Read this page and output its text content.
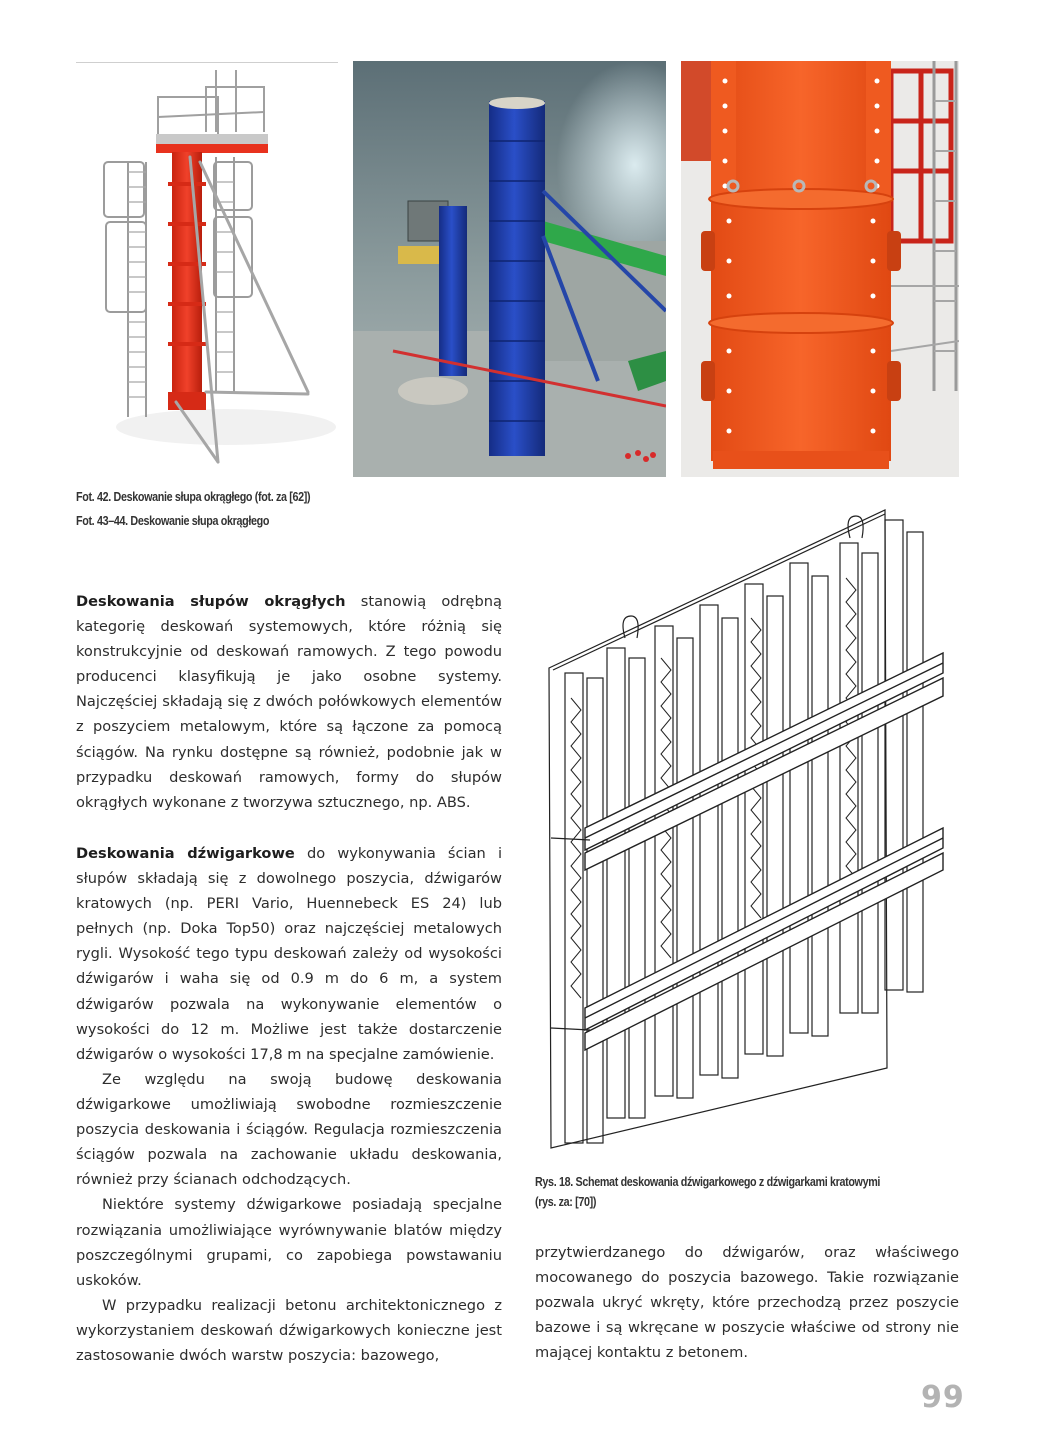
Fot. 42. Deskowanie słupa okrągłego (fot. za [62])
Fot. 43–44. Deskowanie słupa okrągłego

Deskowania słupów okrągłych stanowią odrębną kategorię deskowań systemowych, które różnią się konstrukcyjnie od deskowań ramowych. Z tego powodu producenci klasyfikują je jako osobne systemy. Najczęściej składają się z dwóch połówkowych elementów z poszyciem metalowym, które są łączone za pomocą ściągów. Na rynku dostępne są również, podobnie jak w przypadku deskowań ramowych, formy do słupów okrągłych wykonane z tworzywa sztucznego, np. ABS.

Deskowania dźwigarkowe do wykonywania ścian i słupów składają się z dowolnego poszycia, dźwigarów kratowych (np. PERI Vario, Huennebeck ES 24) lub pełnych (np. Doka Top50) oraz najczęściej metalowych rygli. Wysokość tego typu deskowań zależy od wysokości dźwigarów i waha się od 0.9 m do 6 m, a system dźwigarów pozwala na wykonywanie elementów o wysokości do 12 m. Możliwe jest także dostarczenie dźwigarów o wysokości 17,8 m na specjalne zamówienie.

Ze względu na swoją budowę deskowania dźwigarkowe umożliwiają swobodne rozmieszczenie poszycia deskowania i ściągów. Regulacja rozmieszczenia ściągów pozwala na zachowanie układu deskowania, również przy ścianach odchodzących.

Niektóre systemy dźwigarkowe posiadają specjalne rozwiązania umożliwiające wyrównywanie blatów między poszczególnymi grupami, co zapobiega powstawaniu uskoków.

W przypadku realizacji betonu architektonicznego z wykorzystaniem deskowań dźwigarkowych konieczne jest zastosowanie dwóch warstw poszycia: bazowego,

Rys. 18. Schemat deskowania dźwigarkowego z dźwigarkami kratowymi
(rys. za: [70])

przytwierdzanego do dźwigarów, oraz właściwego mocowanego do poszycia bazowego. Takie rozwiązanie pozwala ukryć wkręty, które przechodzą przez poszycie bazowe i są wkręcane w poszycie właściwe od strony nie mającej kontaktu z betonem.

99
